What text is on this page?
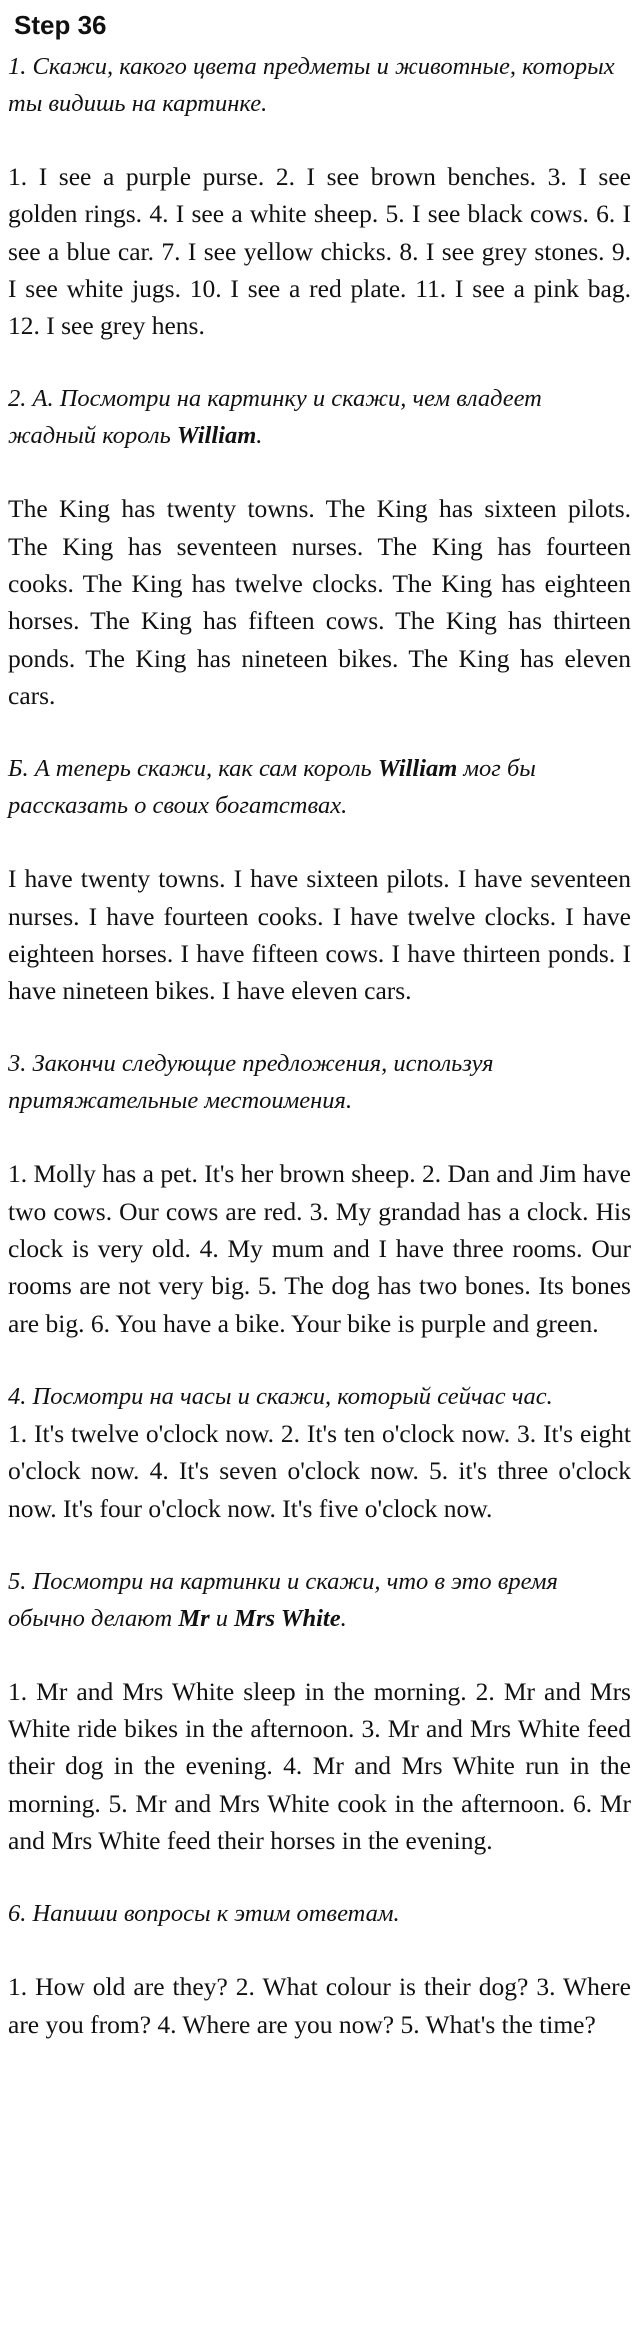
Step 36

1. Скажи, какого цвета предметы и животные, которых ты видишь на картинке.

1. I see a purple purse. 2. I see brown benches. 3. I see golden rings. 4. I see a white sheep. 5. I see black cows. 6. I see a blue car. 7. I see yellow chicks. 8. I see grey stones. 9. I see white jugs. 10. I see a red plate. 11. I see a pink bag. 12. I see grey hens.

2. А. Посмотри на картинку и скажи, чем владеет жадный король William.

The King has twenty towns. The King has sixteen pilots. The King has seventeen nurses. The King has fourteen cooks. The King has twelve clocks. The King has eighteen horses. The King has fifteen cows. The King has thirteen ponds. The King has nineteen bikes. The King has eleven cars.

Б. А теперь скажи, как сам король William мог бы рассказать о своих богатствах.

I have twenty towns. I have sixteen pilots. I have seventeen nurses. I have fourteen cooks. I have twelve clocks. I have eighteen horses. I have fifteen cows. I have thirteen ponds. I have nineteen bikes. I have eleven cars.

3. Закончи следующие предложения, используя притяжательные местоимения.

1. Molly has a pet. It's her brown sheep. 2. Dan and Jim have two cows. Our cows are red. 3. My grandad has a clock. His clock is very old. 4. My mum and I have three rooms. Our rooms are not very big. 5. The dog has two bones. Its bones are big. 6. You have a bike. Your bike is purple and green.

4. Посмотри на часы и скажи, который сейчас час.

1. It's twelve o'clock now. 2. It's ten o'clock now. 3. It's eight o'clock now. 4. It's seven o'clock now. 5. it's three o'clock now. It's four o'clock now. It's five o'clock now.

5. Посмотри на картинки и скажи, что в это время обычно делают Mr и Mrs White.

1. Mr and Mrs White sleep in the morning. 2. Mr and Mrs White ride bikes in the afternoon. 3. Mr and Mrs White feed their dog in the evening. 4. Mr and Mrs White run in the morning. 5. Mr and Mrs White cook in the afternoon. 6. Mr and Mrs White feed their horses in the evening.

6. Напиши вопросы к этим ответам.

1. How old are they? 2. What colour is their dog? 3. Where are you from? 4. Where are you now? 5. What's the time?
